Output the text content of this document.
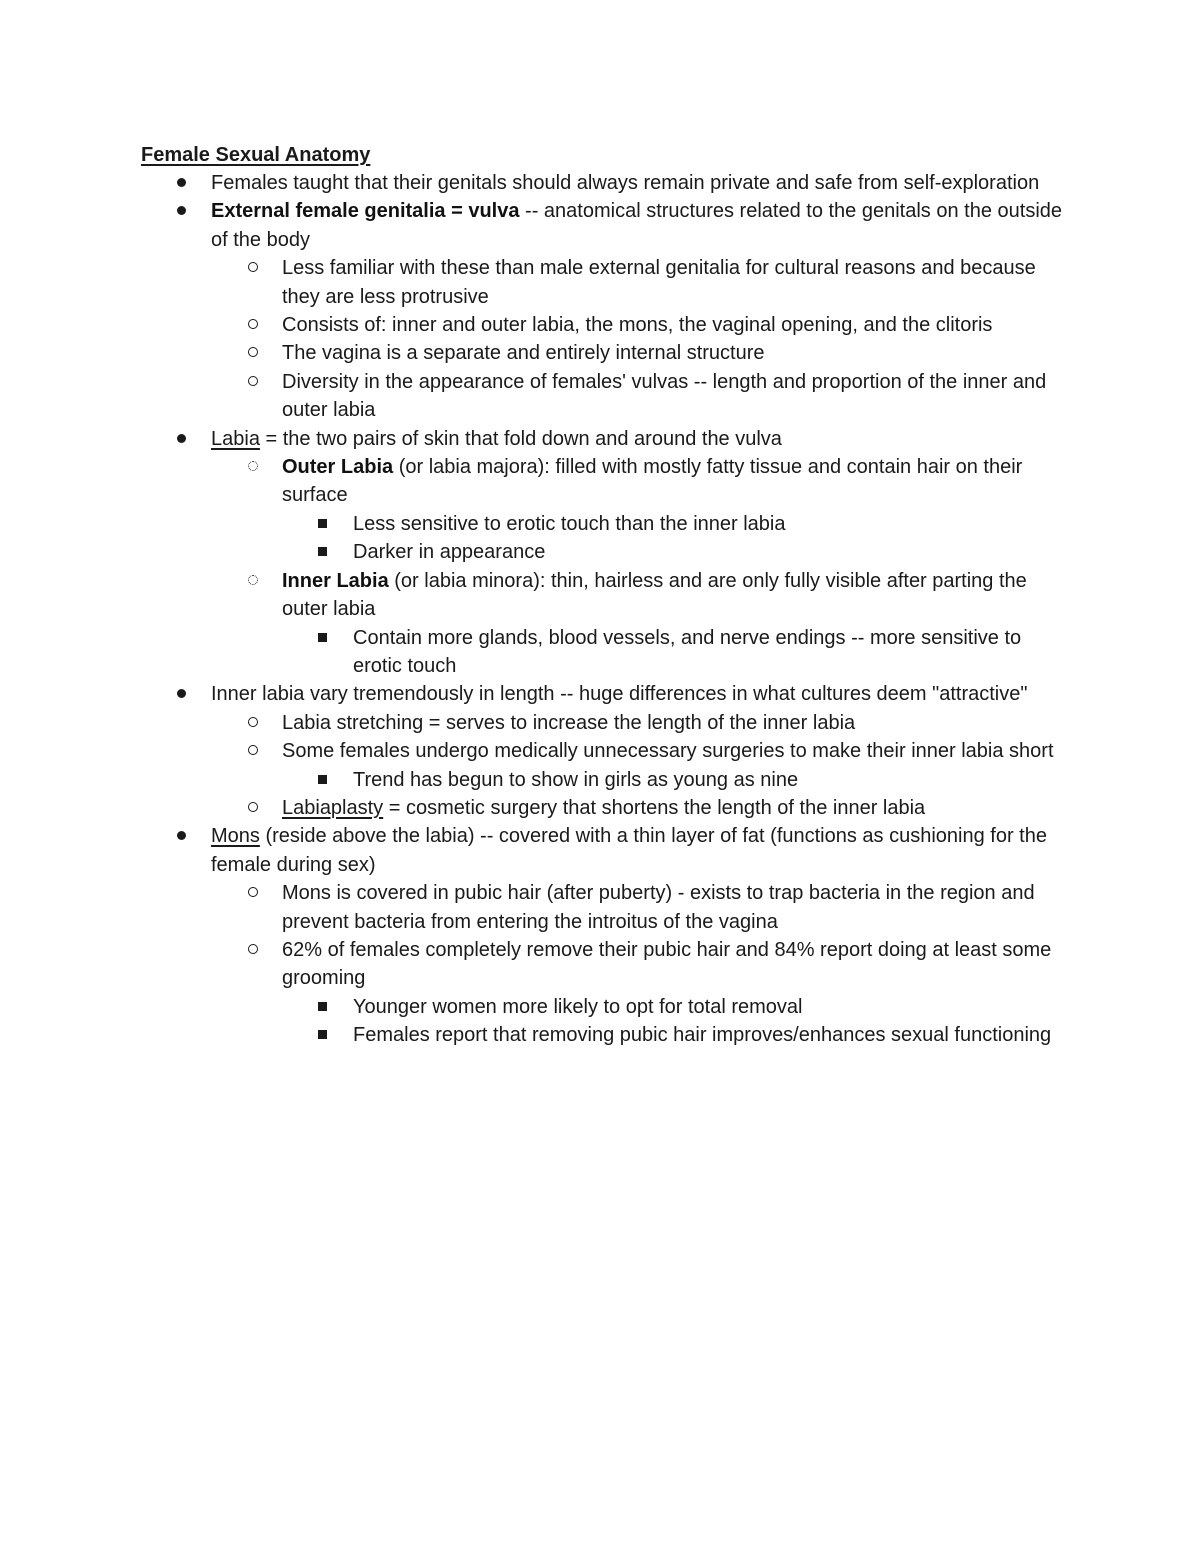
Female Sexual Anatomy
Females taught that their genitals should always remain private and safe from self-exploration
External female genitalia = vulva -- anatomical structures related to the genitals on the outside of the body
Less familiar with these than male external genitalia for cultural reasons and because they are less protrusive
Consists of: inner and outer labia, the mons, the vaginal opening, and the clitoris
The vagina is a separate and entirely internal structure
Diversity in the appearance of females' vulvas -- length and proportion of the inner and outer labia
Labia = the two pairs of skin that fold down and around the vulva
Outer Labia (or labia majora): filled with mostly fatty tissue and contain hair on their surface
Less sensitive to erotic touch than the inner labia
Darker in appearance
Inner Labia (or labia minora): thin, hairless and are only fully visible after parting the outer labia
Contain more glands, blood vessels, and nerve endings -- more sensitive to erotic touch
Inner labia vary tremendously in length -- huge differences in what cultures deem "attractive"
Labia stretching = serves to increase the length of the inner labia
Some females undergo medically unnecessary surgeries to make their inner labia short
Trend has begun to show in girls as young as nine
Labiaplasty = cosmetic surgery that shortens the length of the inner labia
Mons (reside above the labia) -- covered with a thin layer of fat (functions as cushioning for the female during sex)
Mons is covered in pubic hair (after puberty) - exists to trap bacteria in the region and prevent bacteria from entering the introitus of the vagina
62% of females completely remove their pubic hair and 84% report doing at least some grooming
Younger women more likely to opt for total removal
Females report that removing pubic hair improves/enhances sexual functioning
